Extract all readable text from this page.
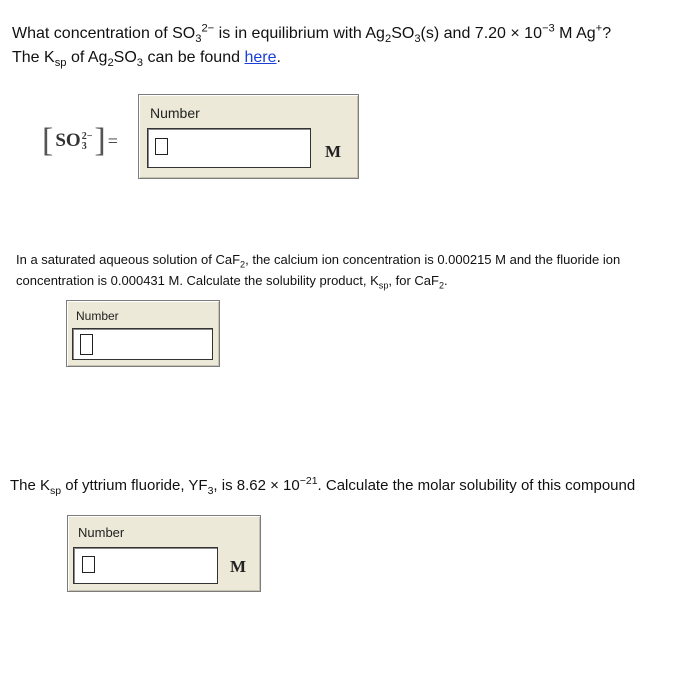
What concentration of $SO_3^{2-}$ is in equilibrium with $Ag_2SO_3(s)$ and $7.20 \times 10^{-3}$ M Ag+?
The $K_{sp}$ of $Ag_2SO_3$ can be found here.
[ SO 2−
3 ] =
Number
M
In a saturated aqueous solution of CaF$_2$, the calcium ion concentration is 0.000215 M and the fluoride ion
concentration is 0.000431 M. Calculate the solubility product, $K_{sp}$, for CaF$_2$.
Number
The $K_{sp}$ of yttrium fluoride, $YF_3$, is $8.62 \times 10^{-21}$. Calculate the molar solubility of this compound
Number
M
